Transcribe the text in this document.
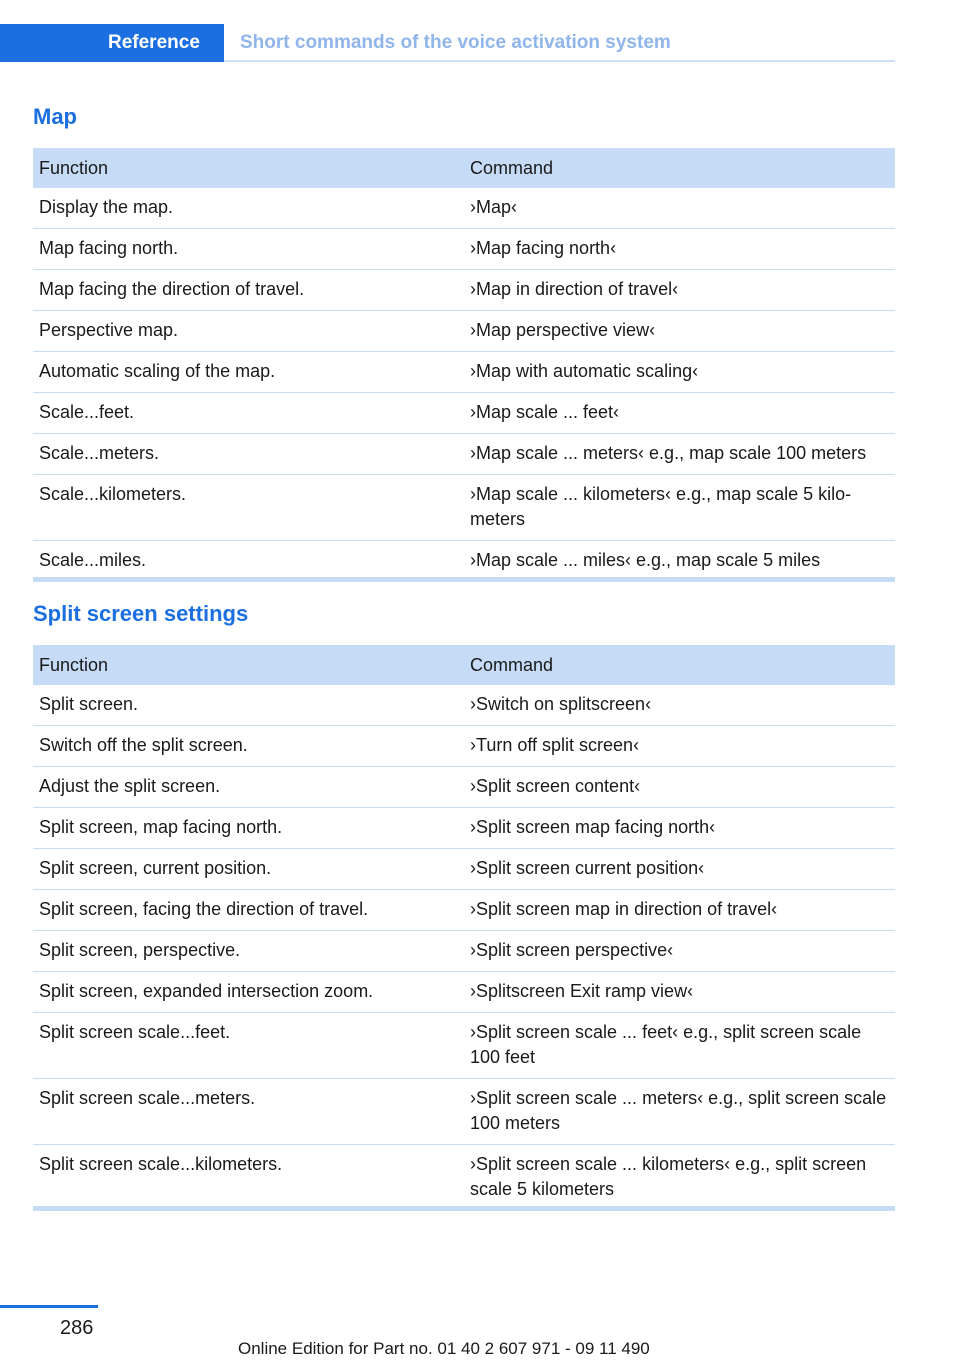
Reference	Short commands of the voice activation system
Map
Function	Command
Display the map.	›Map‹
Map facing north.	›Map facing north‹
Map facing the direction of travel.	›Map in direction of travel‹
Perspective map.	›Map perspective view‹
Automatic scaling of the map.	›Map with automatic scaling‹
Scale...feet.	›Map scale ... feet‹
Scale...meters.	›Map scale ... meters‹ e.g., map scale 100 meters
Scale...kilometers.	›Map scale ... kilometers‹ e.g., map scale 5 kilo‑ meters
Scale...miles.	›Map scale ... miles‹ e.g., map scale 5 miles
Split screen settings
Function	Command
Split screen.	›Switch on splitscreen‹
Switch off the split screen.	›Turn off split screen‹
Adjust the split screen.	›Split screen content‹
Split screen, map facing north.	›Split screen map facing north‹
Split screen, current position.	›Split screen current position‹
Split screen, facing the direction of travel.	›Split screen map in direction of travel‹
Split screen, perspective.	›Split screen perspective‹
Split screen, expanded intersection zoom.	›Splitscreen Exit ramp view‹
Split screen scale...feet.	›Split screen scale ... feet‹ e.g., split screen scale 100 feet
Split screen scale...meters.	›Split screen scale ... meters‹ e.g., split screen scale 100 meters
Split screen scale...kilometers.	›Split screen scale ... kilometers‹ e.g., split screen scale 5 kilometers
286
Online Edition for Part no. 01 40 2 607 971 - 09 11 490
